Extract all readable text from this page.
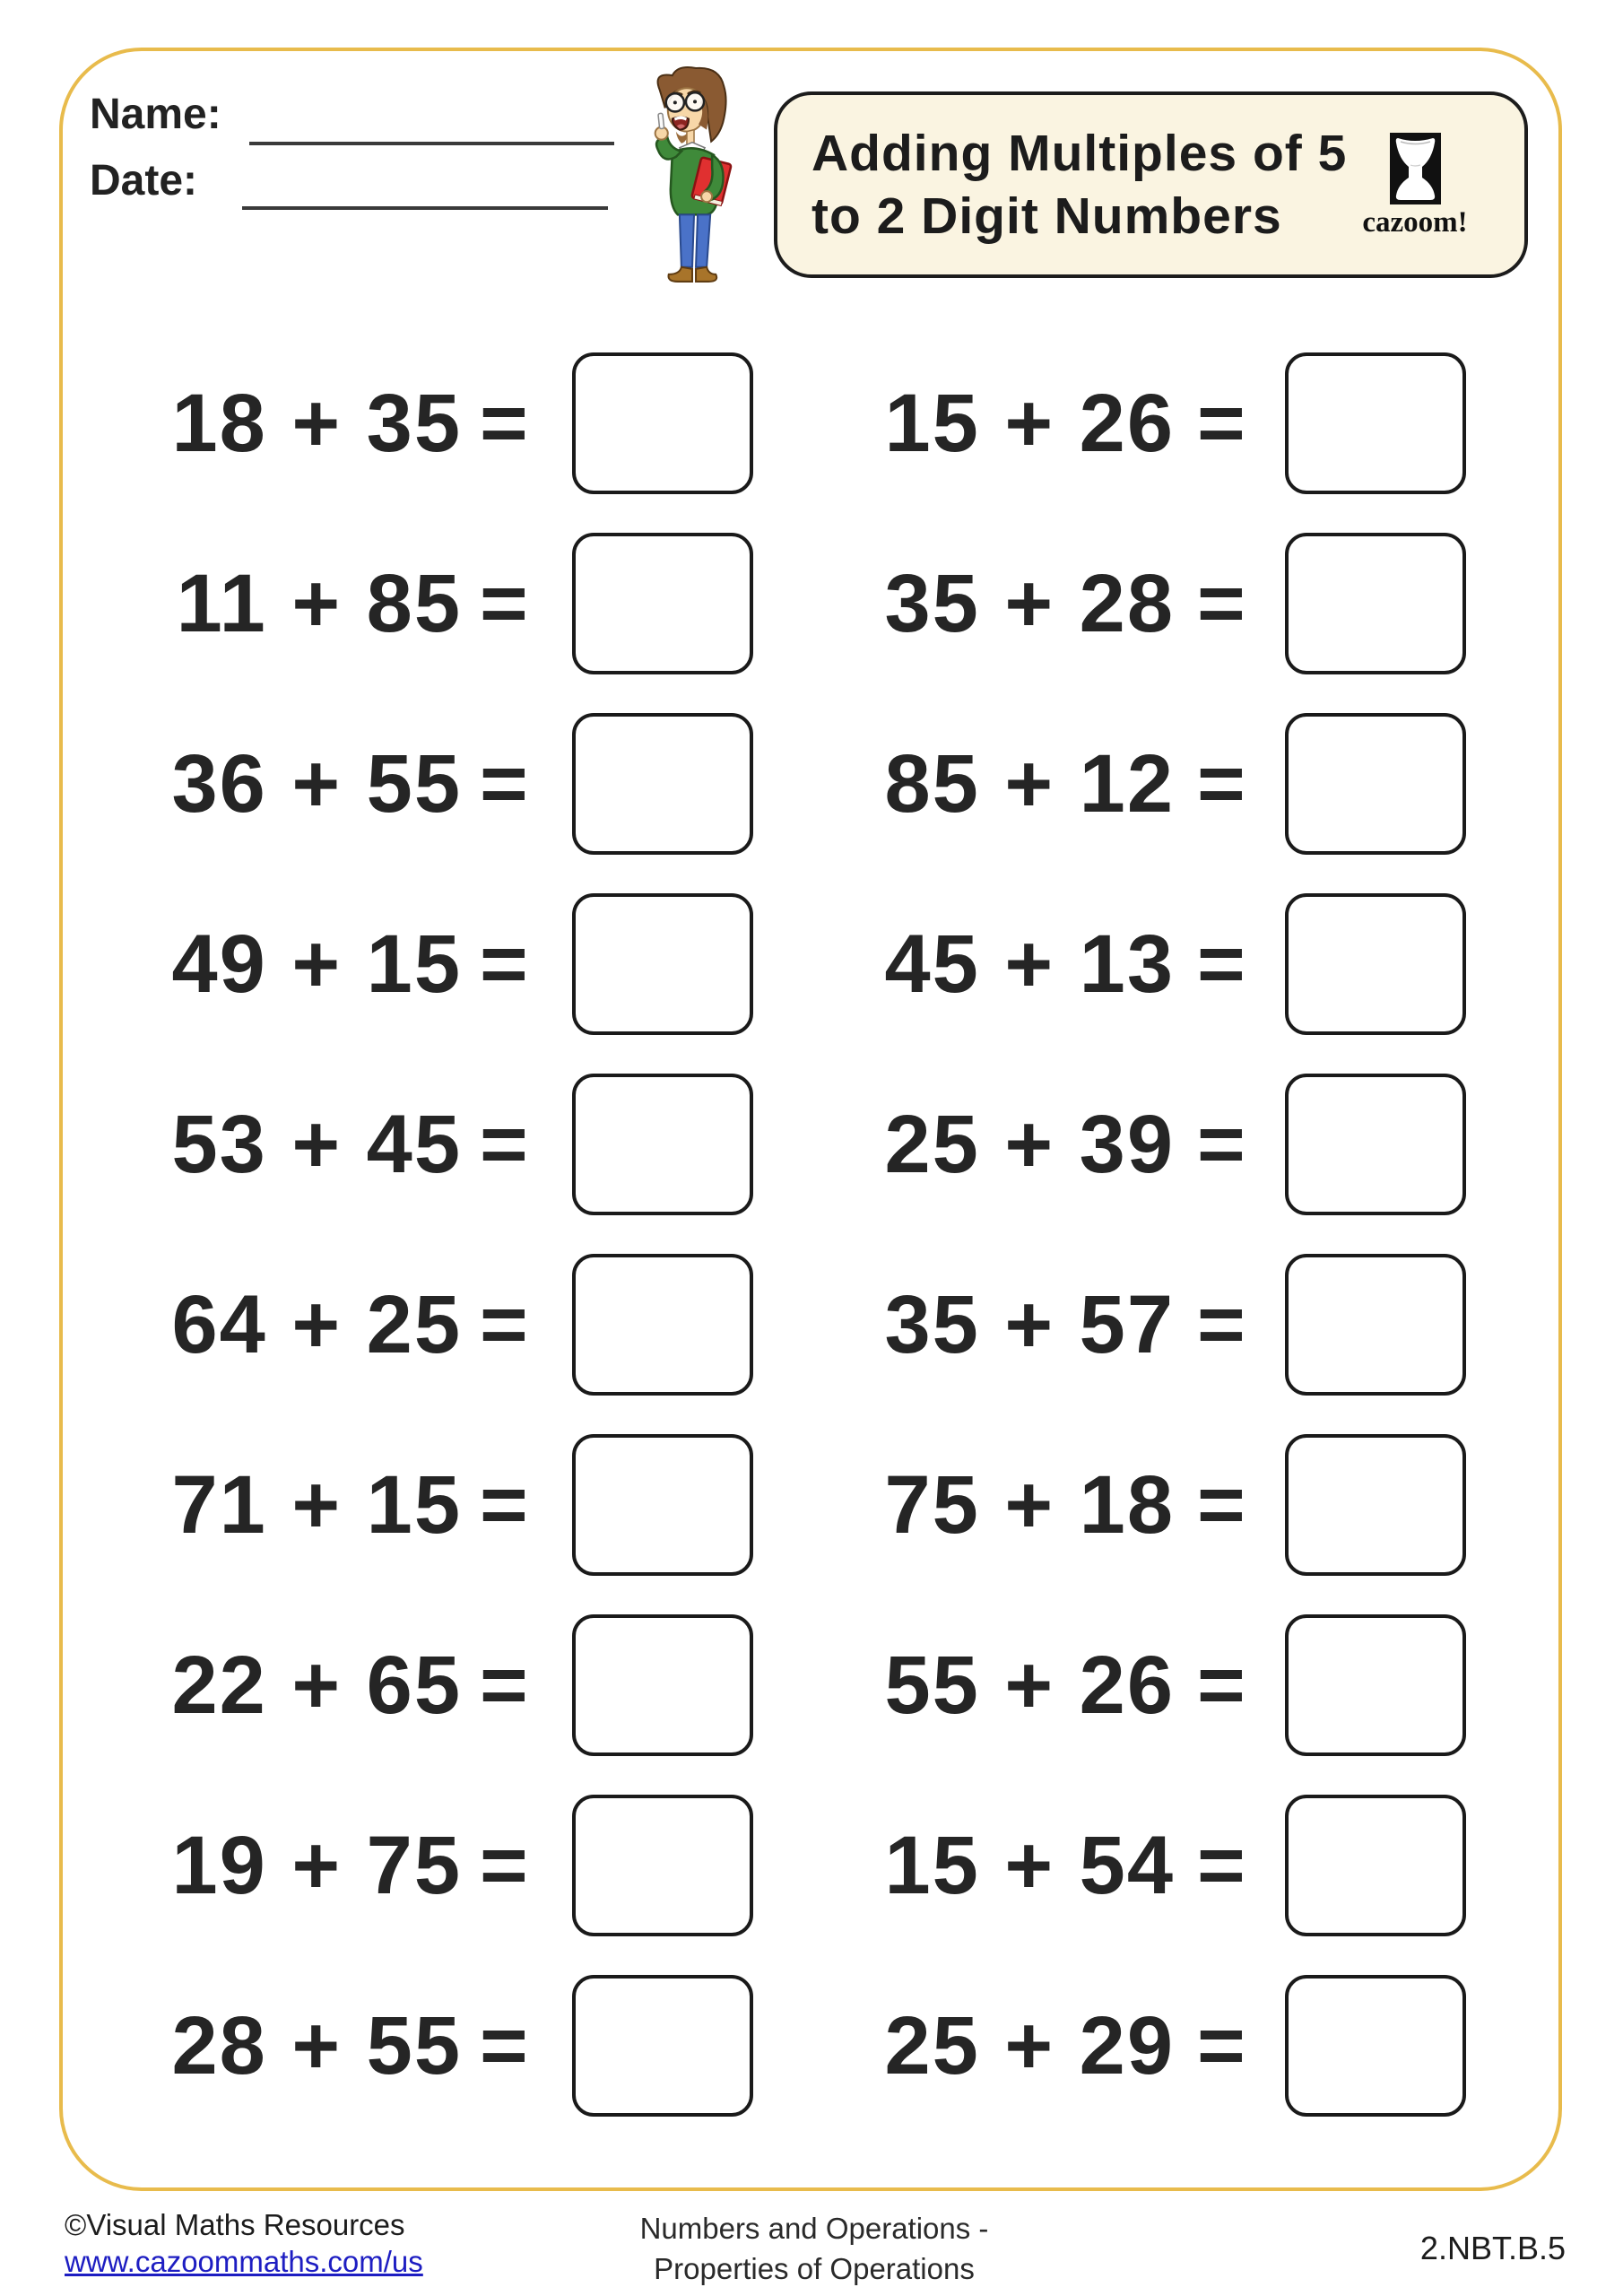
Name:
Date:	Adding Multiples of 5
to 2 Digit Numbers	cazoom!
18 + 35 =	15 + 26 =
11 + 85 =	35 + 28 =
36 + 55 =	85 + 12 =
49 + 15 =	45 + 13 =
53 + 45 =	25 + 39 =
64 + 25 =	35 + 57 =
71 + 15 =	75 + 18 =
22 + 65 =	55 + 26 =
19 + 75 =	15 + 54 =
28 + 55 =	25 + 29 =
©Visual Maths Resources
www.cazoommaths.com/us
Numbers and Operations -
Properties of Operations
2.NBT.B.5
